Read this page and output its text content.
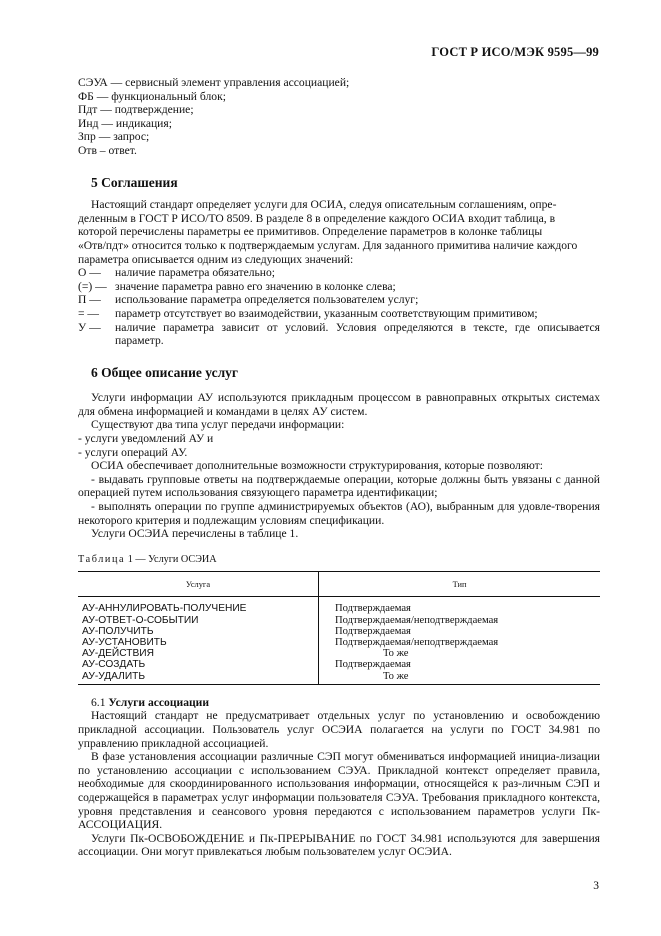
ГОСТ Р ИСО/МЭК 9595—99

СЭУА — сервисный элемент управления ассоциацией;

ФБ — функциональный блок;

Пдт — подтверждение;

Инд — индикация;

Зпр — запрос;

Отв – ответ.

5 Соглашения

Настоящий стандарт определяет услуги для ОСИА, следуя описательным соглашениям, опре-

деленным в ГОСТ Р ИСО/ТО 8509. В разделе 8 в определение каждого ОСИА входит таблица, в

которой перечислены параметры ее примитивов. Определение параметров в колонке таблицы

«Отв/пдт» относится только к подтверждаемым услугам. Для заданного примитива наличие каждого

параметра описывается одним из следующих значений:

О —	наличие параметра обязательно;
(=) — значение параметра равно его значению в колонке слева;
П —	использование параметра определяется пользователем услуг;
= —	параметр отсутствует во взаимодействии, указанным соответствующим примитивом;
У —	наличие параметра зависит от условий. Условия определяются в тексте, где описывается параметр.
6 Общее описание услуг

Услуги информации АУ используются прикладным процессом в равноправных открытых системах для обмена информацией и командами в целях АУ систем.

Существуют два типа услуг передачи информации:

- услуги уведомлений АУ и

- услуги операций АУ.

ОСИА обеспечивает дополнительные возможности структурирования, которые позволяют:

- выдавать групповые ответы на подтверждаемые операции, которые должны быть увязаны с данной операцией путем использования связующего параметра идентификации;

- выполнять операции по группе администрируемых объектов (АО), выбранным для удовле-творения некоторого критерия и подлежащим условиям спецификации.

Услуги ОСЭИА перечислены в таблице 1.

Таблица 1 — Услуги ОСЭИА

Услуга	Тип
АУ-АННУЛИРОВАТЬ-ПОЛУЧЕНИЕ	Подтверждаемая
АУ-ОТВЕТ-О-СОБЫТИИ	Подтверждаемая/неподтверждаемая
АУ-ПОЛУЧИТЬ	Подтверждаемая
АУ-УСТАНОВИТЬ	Подтверждаемая/неподтверждаемая
АУ-ДЕЙСТВИЯ	То же
АУ-СОЗДАТЬ	Подтверждаемая
АУ-УДАЛИТЬ	То же

6.1 Услуги ассоциации

Настоящий стандарт не предусматривает отдельных услуг по установлению и освобождению прикладной ассоциации. Пользователь услуг ОСЭИА полагается на услуги по ГОСТ 34.981 по управлению прикладной ассоциацией.

В фазе установления ассоциации различные СЭП могут обмениваться информацией инициа-лизации по установлению ассоциации с использованием СЭУА. Прикладной контекст определяет правила, необходимые для скоординированного использования информации, относящейся к раз-личным СЭП и содержащейся в параметрах услуг информации пользователя СЭУА. Требования прикладного контекста, уровня представления и сеансового уровня передаются с использованием параметров услуги Пк-АССОЦИАЦИЯ.

Услуги Пк-ОСВОБОЖДЕНИЕ и Пк-ПРЕРЫВАНИЕ по ГОСТ 34.981 используются для завершения ассоциации. Они могут привлекаться любым пользователем услуг ОСЭИА.

3
